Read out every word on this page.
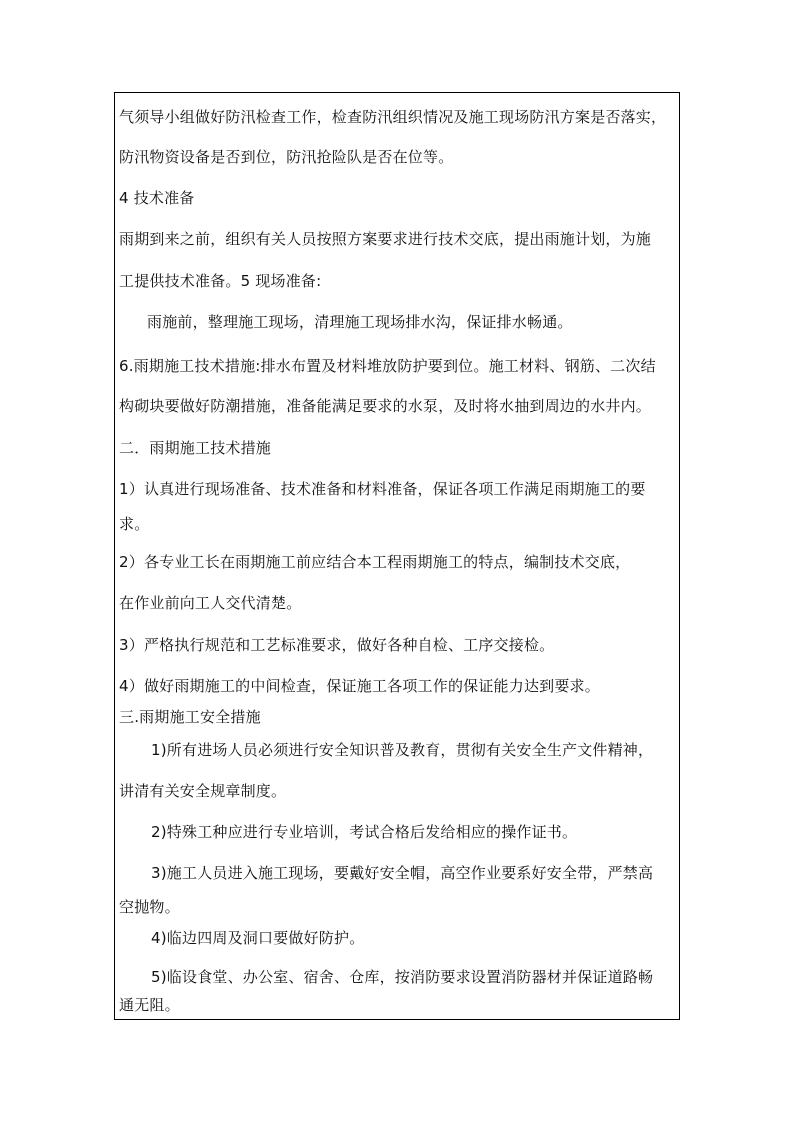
气须导小组做好防汛检查工作，检查防汛组织情况及施工现场防汛方案是否落实，
防汛物资设备是否到位，防汛抢险队是否在位等。
4 技术准备
雨期到来之前，组织有关人员按照方案要求进行技术交底，提出雨施计划，为施
工提供技术准备。5 现场准备:
雨施前，整理施工现场，清理施工现场排水沟，保证排水畅通。
6.雨期施工技术措施:排水布置及材料堆放防护要到位。施工材料、钢筋、二次结
构砌块要做好防潮措施，准备能满足要求的水泵，及时将水抽到周边的水井内。
二．雨期施工技术措施
1）认真进行现场准备、技术准备和材料准备，保证各项工作满足雨期施工的要
求。
2）各专业工长在雨期施工前应结合本工程雨期施工的特点，编制技术交底，
在作业前向工人交代清楚。
3）严格执行规范和工艺标准要求，做好各种自检、工序交接检。
4）做好雨期施工的中间检查，保证施工各项工作的保证能力达到要求。
三.雨期施工安全措施
1)所有进场人员必须进行安全知识普及教育，贯彻有关安全生产文件精神，
讲清有关安全规章制度。
2)特殊工种应进行专业培训，考试合格后发给相应的操作证书。
3)施工人员进入施工现场，要戴好安全帽，高空作业要系好安全带，严禁高
空抛物。
4)临边四周及洞口要做好防护。
5)临设食堂、办公室、宿舍、仓库，按消防要求设置消防器材并保证道路畅
通无阻。
